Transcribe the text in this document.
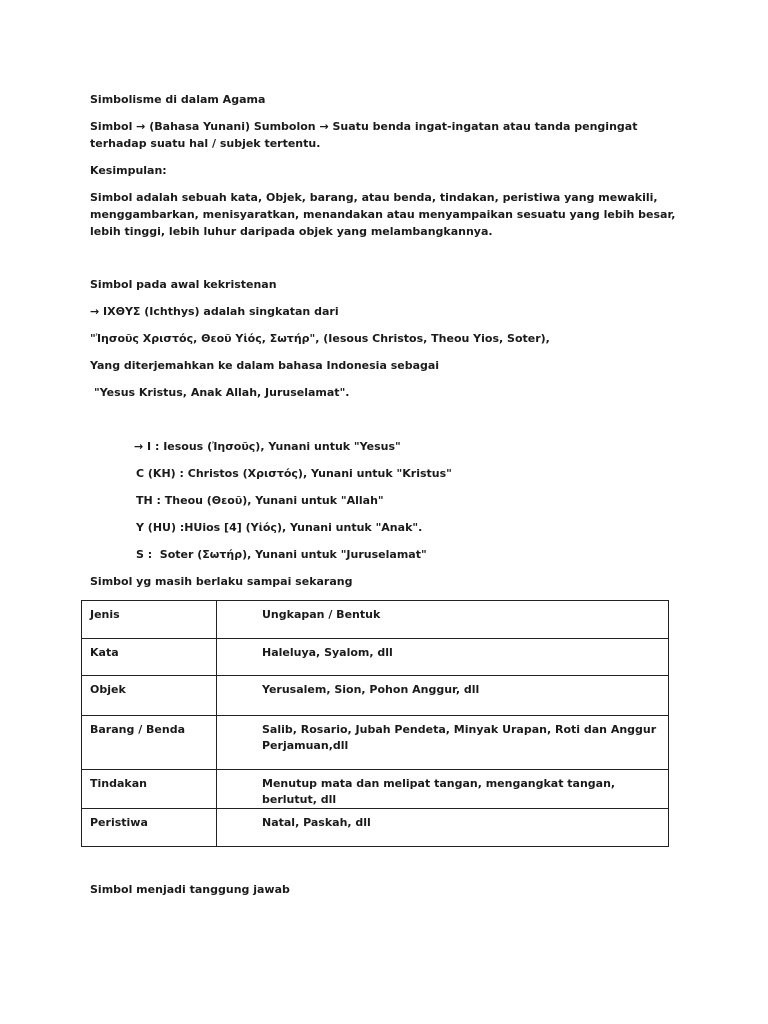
Simbolisme di dalam Agama
Simbol → (Bahasa Yunani) Sumbolon → Suatu benda ingat-ingatan atau tanda pengingat terhadap suatu hal / subjek tertentu.
Kesimpulan:
Simbol adalah sebuah kata, Objek, barang, atau benda, tindakan, peristiwa yang mewakili, menggambarkan, menisyaratkan, menandakan atau menyampaikan sesuatu yang lebih besar, lebih tinggi, lebih luhur daripada objek yang melambangkannya.
Simbol pada awal kekristenan
→ ΙΧΘΥΣ (Ichthys) adalah singkatan dari
"Ἰησοῦς Χριστός, Θεοῦ Υἱός, Σωτήρ", (Iesous Christos, Theou Yios, Soter),
Yang diterjemahkan ke dalam bahasa Indonesia sebagai
"Yesus Kristus, Anak Allah, Juruselamat".
→ I : Iesous (Ἰησοῦς), Yunani untuk "Yesus"
C (KH) : Christos (Χριστός), Yunani untuk "Kristus"
TH : Theou (Θεοῦ), Yunani untuk "Allah"
Y (HU) :HUios [4] (Υἱός), Yunani untuk "Anak".
S :  Soter (Σωτήρ), Yunani untuk "Juruselamat"
Simbol yg masih berlaku sampai sekarang
Jenis	Ungkapan / Bentuk
Kata	Haleluya, Syalom, dll
Objek	Yerusalem, Sion, Pohon Anggur, dll
Barang / Benda	Salib, Rosario, Jubah Pendeta, Minyak Urapan, Roti dan Anggur Perjamuan,dll
Tindakan	Menutup mata dan melipat tangan, mengangkat tangan, berlutut, dll
Peristiwa	Natal, Paskah, dll
Simbol menjadi tanggung jawab
